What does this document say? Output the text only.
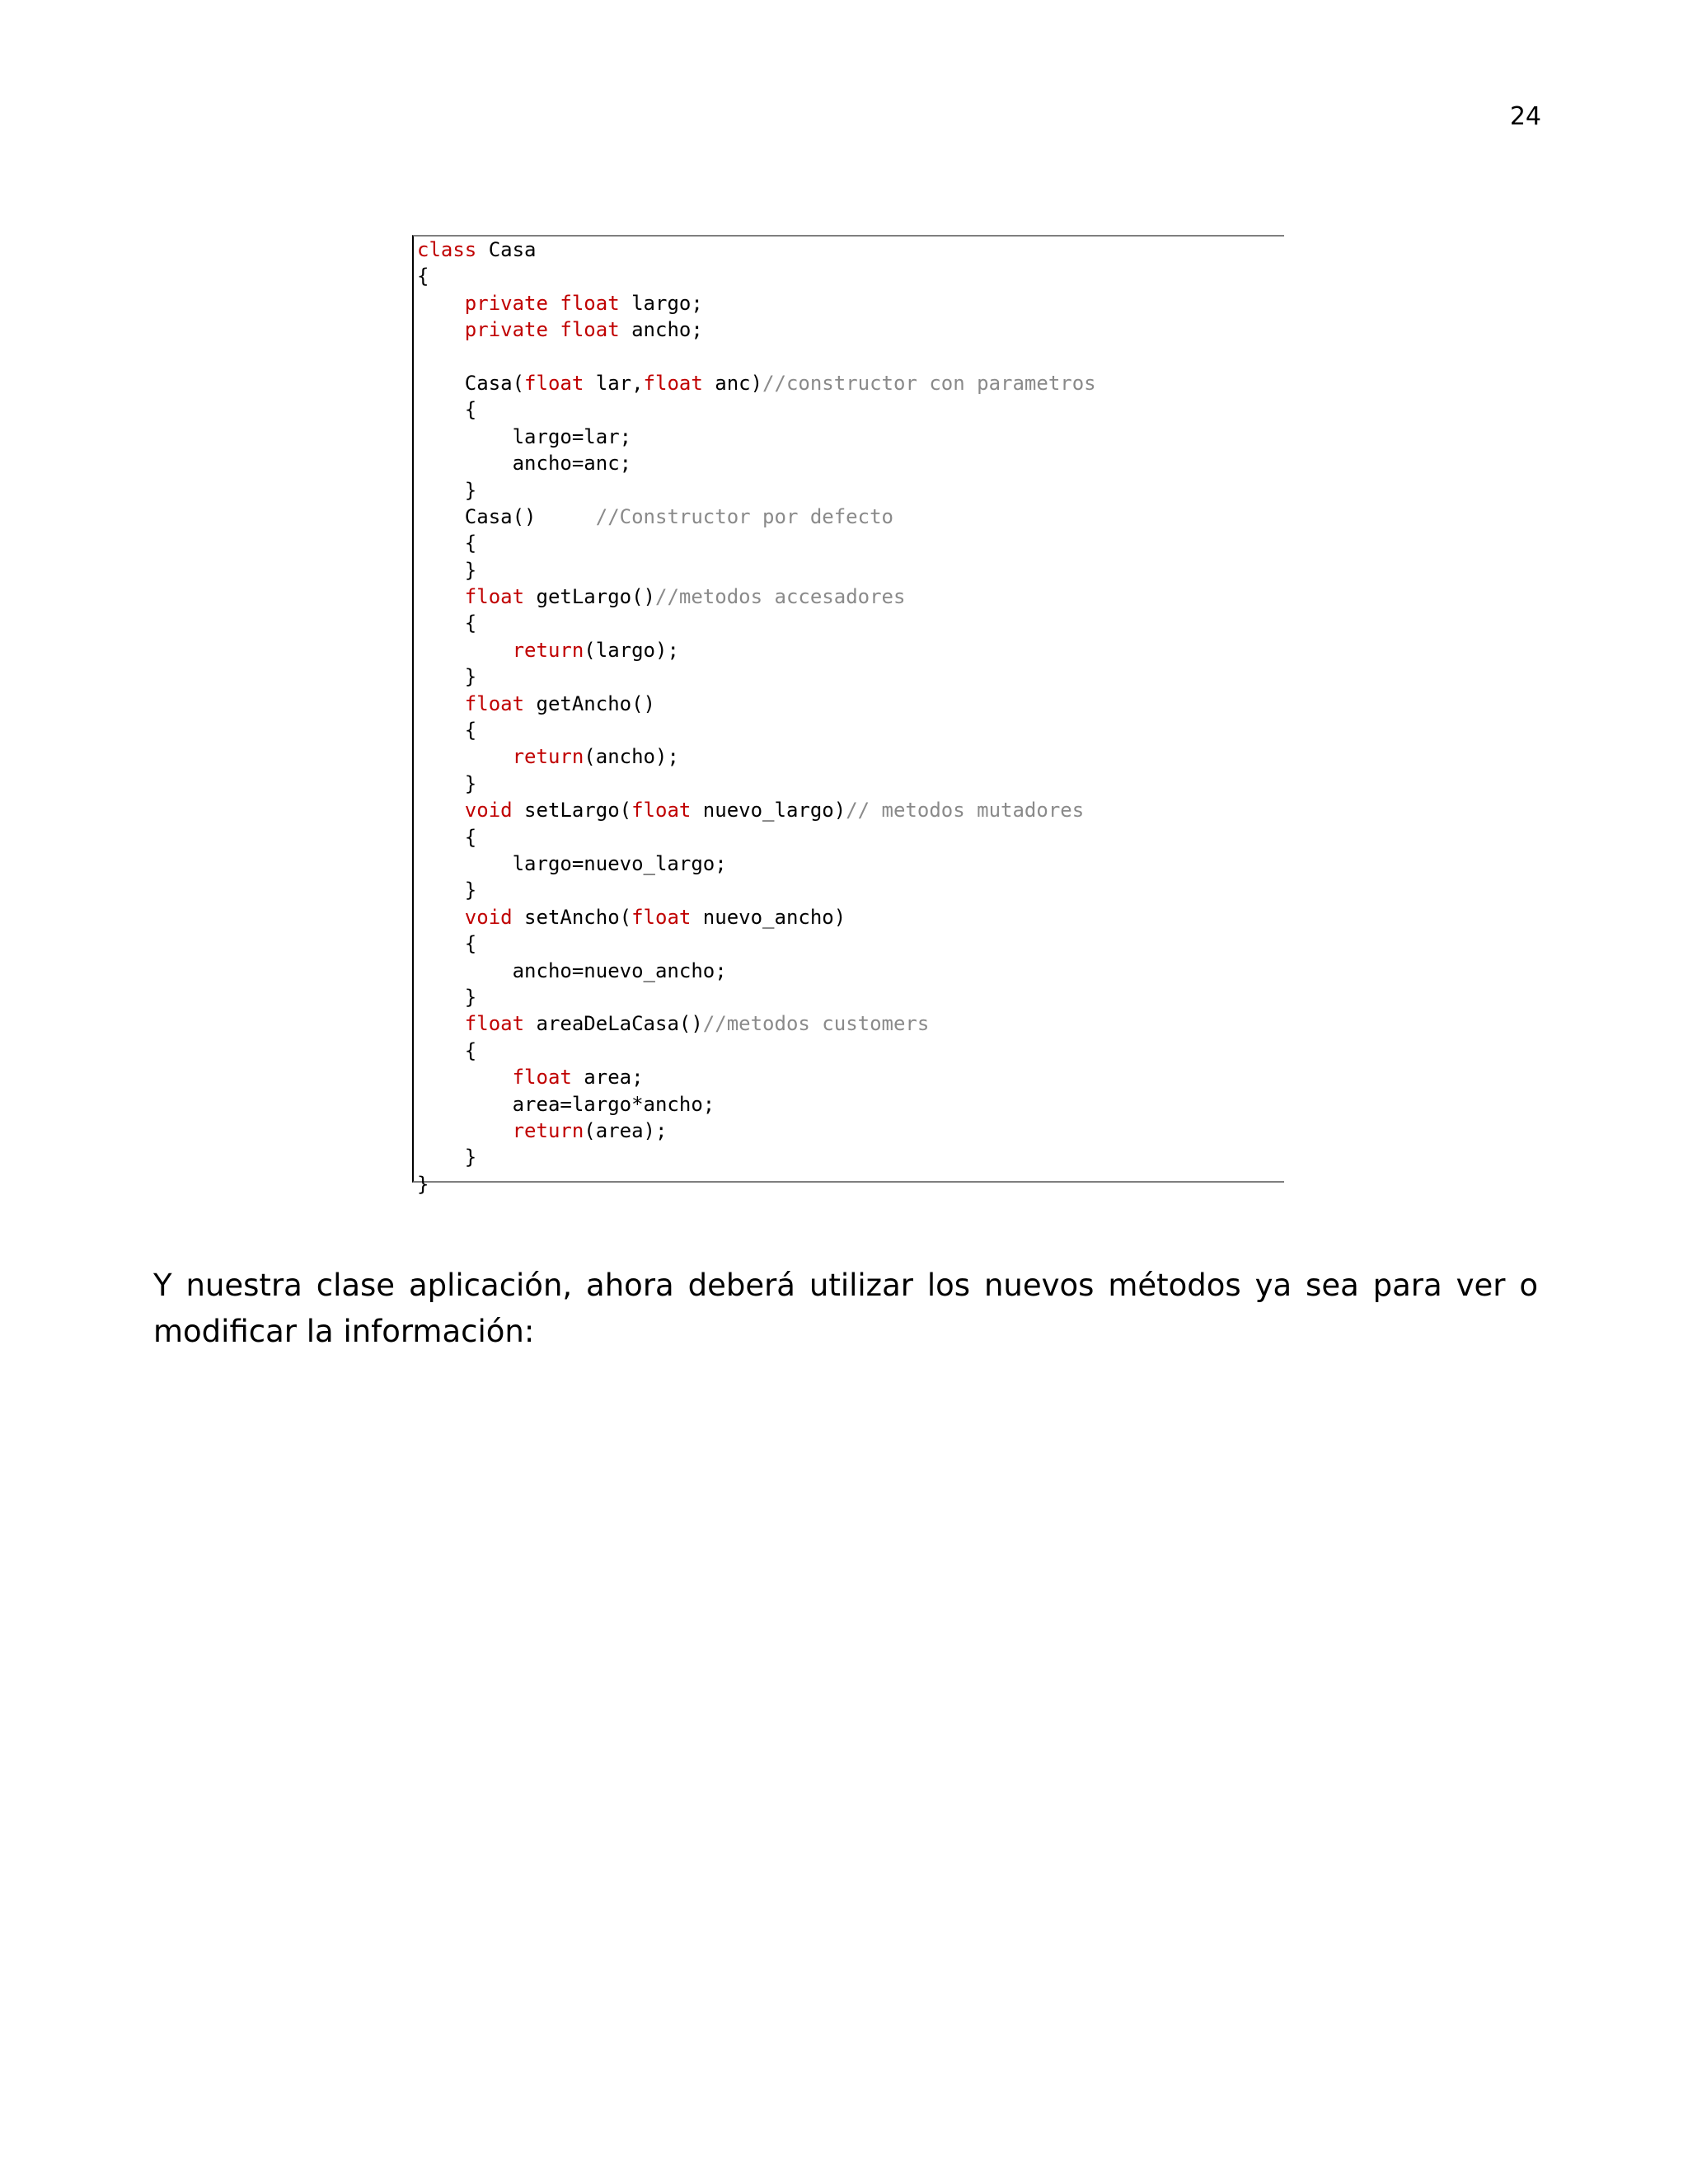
24
class Casa
{
private float largo;
private float ancho;

Casa(float lar,float anc)//constructor con parametros
{
largo=lar;
ancho=anc;
}
Casa()     //Constructor por defecto
{
}
float getLargo()//metodos accesadores
{
return(largo);
}
float getAncho()
{
return(ancho);
}
void setLargo(float nuevo_largo)// metodos mutadores
{
largo=nuevo_largo;
}
void setAncho(float nuevo_ancho)
{
ancho=nuevo_ancho;
}
float areaDeLaCasa()//metodos customers
{
float area;
area=largo*ancho;
return(area);
}
}

Y nuestra clase aplicación, ahora deberá utilizar los nuevos métodos ya sea para ver o modificar la información:
